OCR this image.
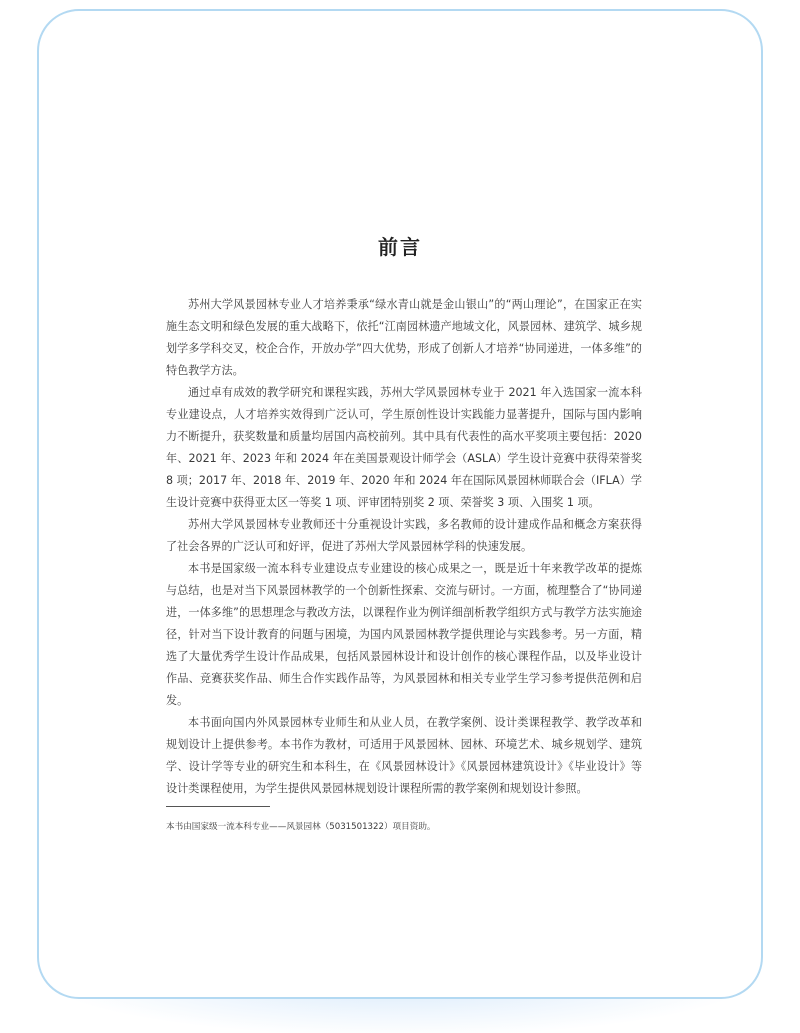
前言

苏州大学风景园林专业人才培养秉承“绿水青山就是金山银山”的“两山理论”，在国家正在实施生态文明和绿色发展的重大战略下，依托“江南园林遗产地域文化，风景园林、建筑学、城乡规划学多学科交叉，校企合作，开放办学”四大优势，形成了创新人才培养“协同递进，一体多维”的特色教学方法。

通过卓有成效的教学研究和课程实践，苏州大学风景园林专业于 2021 年入选国家一流本科专业建设点，人才培养实效得到广泛认可，学生原创性设计实践能力显著提升，国际与国内影响力不断提升，获奖数量和质量均居国内高校前列。其中具有代表性的高水平奖项主要包括：2020 年、2021 年、2023 年和 2024 年在美国景观设计师学会（ASLA）学生设计竞赛中获得荣誉奖 8 项；2017 年、2018 年、2019 年、2020 年和 2024 年在国际风景园林师联合会（IFLA）学生设计竞赛中获得亚太区一等奖 1 项、评审团特别奖 2 项、荣誉奖 3 项、入围奖 1 项。

苏州大学风景园林专业教师还十分重视设计实践，多名教师的设计建成作品和概念方案获得了社会各界的广泛认可和好评，促进了苏州大学风景园林学科的快速发展。

本书是国家级一流本科专业建设点专业建设的核心成果之一，既是近十年来教学改革的提炼与总结，也是对当下风景园林教学的一个创新性探索、交流与研讨。一方面，梳理整合了“协同递进，一体多维”的思想理念与教改方法，以课程作业为例详细剖析教学组织方式与教学方法实施途径，针对当下设计教育的问题与困境，为国内风景园林教学提供理论与实践参考。另一方面，精选了大量优秀学生设计作品成果，包括风景园林设计和设计创作的核心课程作品，以及毕业设计作品、竞赛获奖作品、师生合作实践作品等，为风景园林和相关专业学生学习参考提供范例和启发。

本书面向国内外风景园林专业师生和从业人员，在教学案例、设计类课程教学、教学改革和规划设计上提供参考。本书作为教材，可适用于风景园林、园林、环境艺术、城乡规划学、建筑学、设计学等专业的研究生和本科生，在《风景园林设计》《风景园林建筑设计》《毕业设计》等设计类课程使用，为学生提供风景园林规划设计课程所需的教学案例和规划设计参照。

本书由国家级一流本科专业——风景园林（5031501322）项目资助。
